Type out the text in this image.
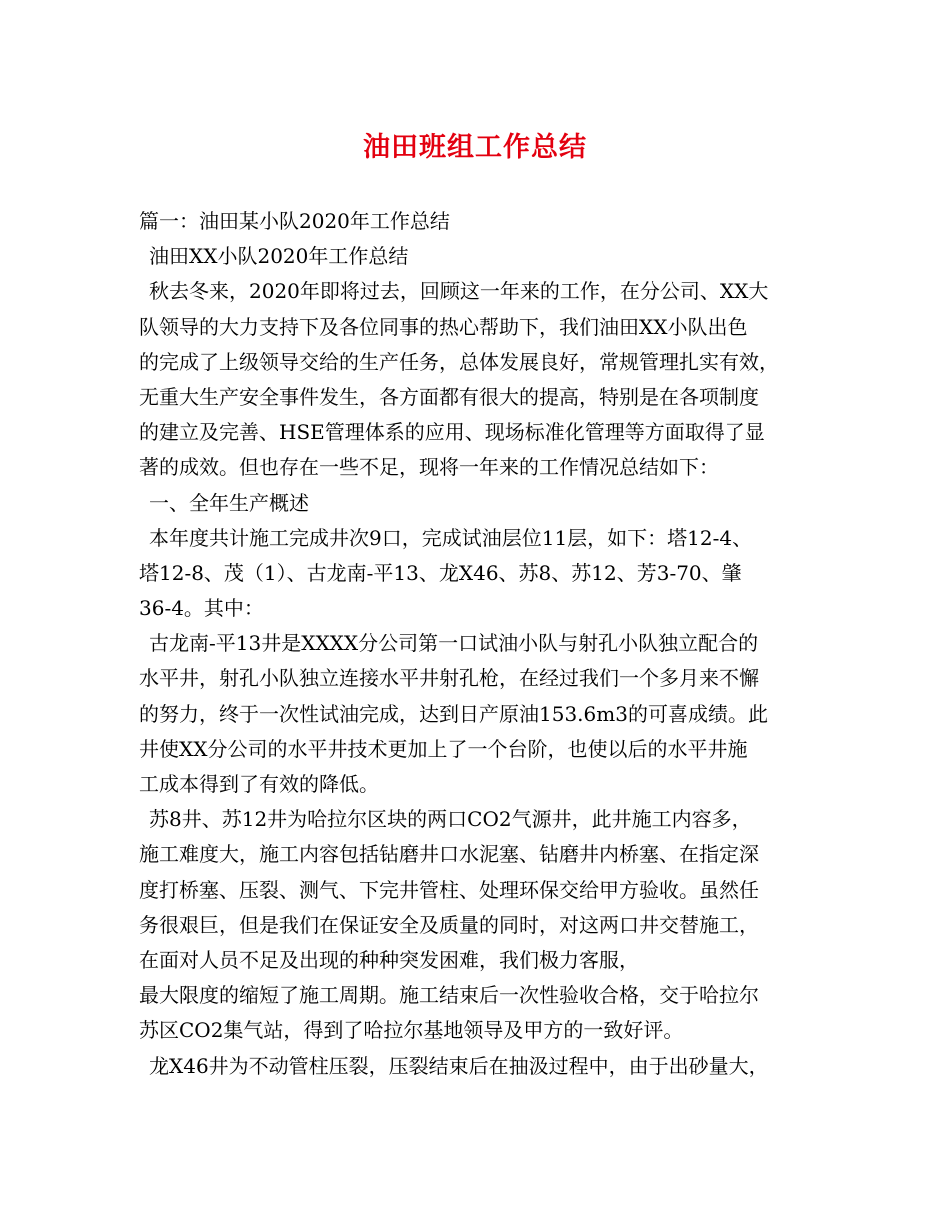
油田班组工作总结

篇一：油田某小队2020年工作总结

油田XX小队2020年工作总结

秋去冬来，2020年即将过去，回顾这一年来的工作，在分公司、XX大

队领导的大力支持下及各位同事的热心帮助下，我们油田XX小队出色

的完成了上级领导交给的生产任务，总体发展良好，常规管理扎实有效，

无重大生产安全事件发生，各方面都有很大的提高，特别是在各项制度

的建立及完善、HSE管理体系的应用、现场标准化管理等方面取得了显

著的成效。但也存在一些不足，现将一年来的工作情况总结如下：

一、全年生产概述

本年度共计施工完成井次9口，完成试油层位11层，如下：塔12-4、

塔12-8、茂（1）、古龙南-平13、龙X46、苏8、苏12、芳3-70、肇

36-4。其中：

古龙南-平13井是XXXX分公司第一口试油小队与射孔小队独立配合的

水平井，射孔小队独立连接水平井射孔枪，在经过我们一个多月来不懈

的努力，终于一次性试油完成，达到日产原油153.6m3的可喜成绩。此

井使XX分公司的水平井技术更加上了一个台阶，也使以后的水平井施

工成本得到了有效的降低。

苏8井、苏12井为哈拉尔区块的两口CO2气源井，此井施工内容多，

施工难度大，施工内容包括钻磨井口水泥塞、钻磨井内桥塞、在指定深

度打桥塞、压裂、测气、下完井管柱、处理环保交给甲方验收。虽然任

务很艰巨，但是我们在保证安全及质量的同时，对这两口井交替施工，

在面对人员不足及出现的种种突发困难，我们极力客服，

最大限度的缩短了施工周期。施工结束后一次性验收合格，交于哈拉尔

苏区CO2集气站，得到了哈拉尔基地领导及甲方的一致好评。

龙X46井为不动管柱压裂，压裂结束后在抽汲过程中，由于出砂量大，
